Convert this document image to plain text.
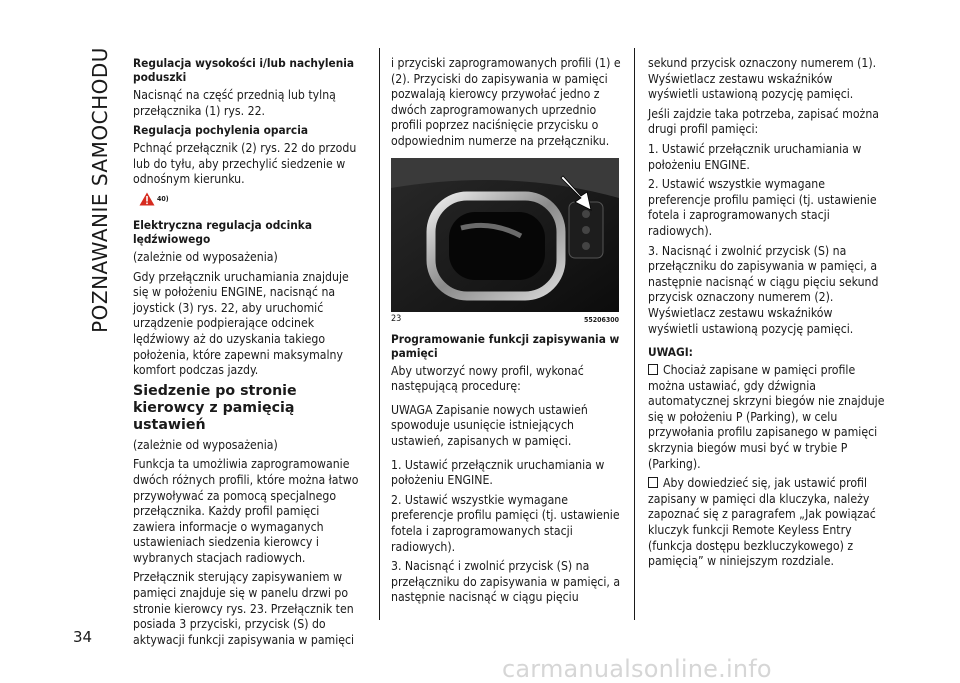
POZNAWANIE SAMOCHODU
34
Regulacja wysokości i/lub nachylenia poduszki
Nacisnąć na część przednią lub tylną przełącznika (1) rys. 22.
Regulacja pochylenia oparcia
Pchnąć przełącznik (2) rys. 22 do przodu lub do tyłu, aby przechylić siedzenie w odnośnym kierunku.
40)
Elektryczna regulacja odcinka lędźwiowego
(zależnie od wyposażenia)
Gdy przełącznik uruchamiania znajduje się w położeniu ENGINE, nacisnąć na joystick (3) rys. 22, aby uruchomić urządzenie podpierające odcinek lędźwiowy aż do uzyskania takiego położenia, które zapewni maksymalny komfort podczas jazdy.
Siedzenie po stronie kierowcy z pamięcią ustawień
(zależnie od wyposażenia)
Funkcja ta umożliwia zaprogramowanie dwóch różnych profili, które można łatwo przywoływać za pomocą specjalnego przełącznika. Każdy profil pamięci zawiera informacje o wymaganych ustawieniach siedzenia kierowcy i wybranych stacjach radiowych.
Przełącznik sterujący zapisywaniem w pamięci znajduje się w panelu drzwi po stronie kierowcy rys. 23. Przełącznik ten posiada 3 przyciski, przycisk (S) do aktywacji funkcji zapisywania w pamięci
i przyciski zaprogramowanych profili (1) e (2). Przyciski do zapisywania w pamięci pozwalają kierowcy przywołać jedno z dwóch zaprogramowanych uprzednio profili poprzez naciśnięcie przycisku o odpowiednim numerze na przełączniku.
23	55206300
Programowanie funkcji zapisywania w pamięci
Aby utworzyć nowy profil, wykonać następującą procedurę:
UWAGA Zapisanie nowych ustawień spowoduje usunięcie istniejących ustawień, zapisanych w pamięci.
1. Ustawić przełącznik uruchamiania w położeniu ENGINE.
2. Ustawić wszystkie wymagane preferencje profilu pamięci (tj. ustawienie fotela i zaprogramowanych stacji radiowych).
3. Nacisnąć i zwolnić przycisk (S) na przełączniku do zapisywania w pamięci, a następnie nacisnąć w ciągu pięciu
sekund przycisk oznaczony numerem (1). Wyświetlacz zestawu wskaźników wyświetli ustawioną pozycję pamięci.
Jeśli zajdzie taka potrzeba, zapisać można drugi profil pamięci:
1. Ustawić przełącznik uruchamiania w położeniu ENGINE.
2. Ustawić wszystkie wymagane preferencje profilu pamięci (tj. ustawienie fotela i zaprogramowanych stacji radiowych).
3. Nacisnąć i zwolnić przycisk (S) na przełączniku do zapisywania w pamięci, a następnie nacisnąć w ciągu pięciu sekund przycisk oznaczony numerem (2). Wyświetlacz zestawu wskaźników wyświetli ustawioną pozycję pamięci.
UWAGI:
Chociaż zapisane w pamięci profile można ustawiać, gdy dźwignia automatycznej skrzyni biegów nie znajduje się w położeniu P (Parking), w celu przywołania profilu zapisanego w pamięci skrzynia biegów musi być w trybie P (Parking).
Aby dowiedzieć się, jak ustawić profil zapisany w pamięci dla kluczyka, należy zapoznać się z paragrafem „Jak powiązać kluczyk funkcji Remote Keyless Entry (funkcja dostępu bezkluczykowego) z pamięcią” w niniejszym rozdziale.
carmanualsonline.info
